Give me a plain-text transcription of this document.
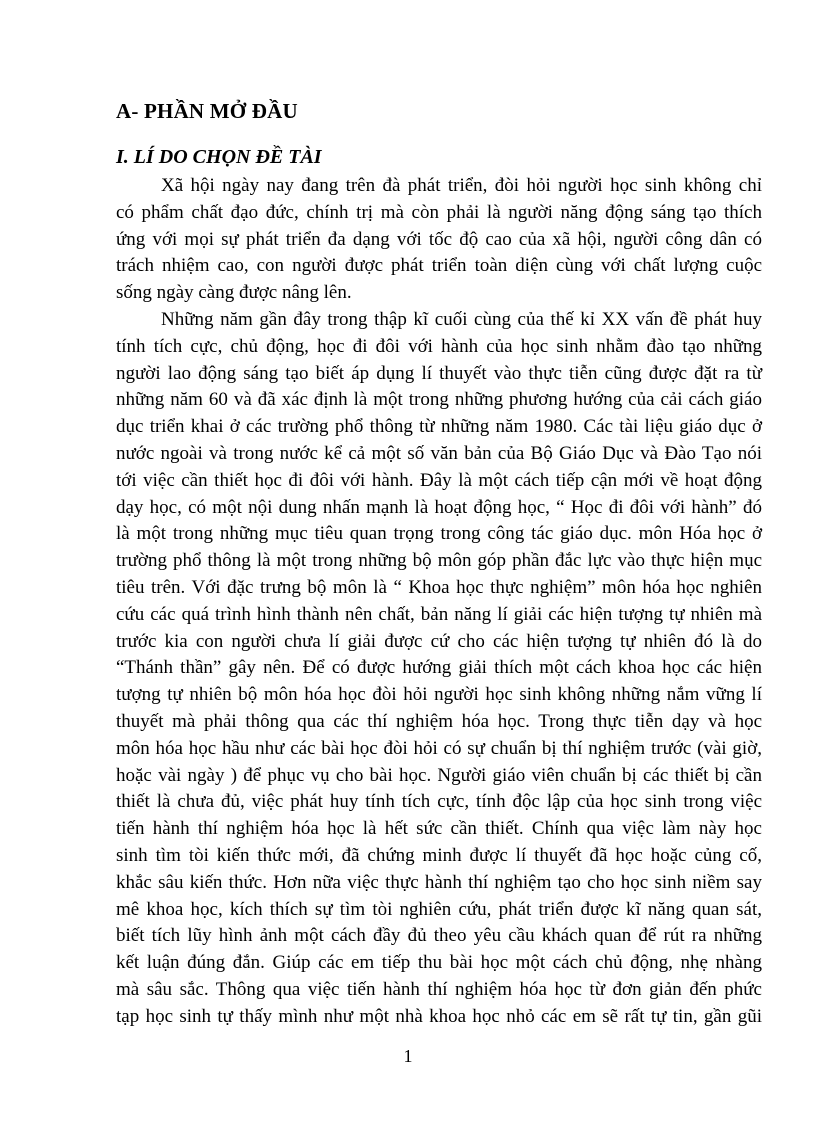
A- PHẦN MỞ ĐẦU
I. LÍ DO CHỌN ĐỀ TÀI
Xã hội ngày nay đang trên đà phát triển, đòi hỏi người học sinh không chỉ
có phẩm chất đạo đức, chính trị mà còn phải là người năng động sáng tạo thích
ứng với mọi sự phát triển đa dạng với tốc độ cao của xã hội, người công dân có
trách nhiệm cao, con người được phát triển toàn diện cùng với chất lượng cuộc
sống ngày càng được nâng lên.
Những năm gần đây trong thập kĩ cuối cùng của thế kỉ XX vấn đề phát huy
tính tích cực, chủ động, học đi đôi với hành của học sinh nhằm đào tạo những
người lao động sáng tạo biết áp dụng lí thuyết vào thực tiễn cũng được đặt ra từ
những năm 60 và đã xác định là một trong những phương hướng của cải cách giáo
dục triển khai ở các trường phổ thông từ những năm 1980. Các tài liệu giáo dục ở
nước ngoài và trong nước kể cả một số văn bản của Bộ Giáo Dục và Đào Tạo nói
tới việc cần thiết học đi đôi với hành. Đây là một cách tiếp cận mới về hoạt động
dạy học, có một nội dung nhấn mạnh là hoạt động học, “ Học đi đôi với hành” đó
là một trong những mục tiêu quan trọng trong công tác giáo dục. môn Hóa học ở
trường phổ thông là một trong những bộ môn góp phần đắc lực vào thực hiện mục
tiêu trên. Với đặc trưng bộ môn là “ Khoa học thực nghiệm” môn hóa học nghiên
cứu các quá trình hình thành nên chất, bản năng lí giải các hiện tượng tự nhiên mà
trước kia con người chưa lí giải được cứ cho các hiện tượng tự nhiên đó là do
“Thánh thần” gây nên. Để có được hướng giải thích một cách khoa học các hiện
tượng tự nhiên bộ môn hóa học đòi hỏi người học sinh không những nắm vững lí
thuyết mà phải thông qua các thí nghiệm hóa học. Trong thực tiễn dạy và học
môn hóa học hầu như các bài học đòi hỏi có sự chuẩn bị thí nghiệm trước (vài giờ,
hoặc vài ngày ) để phục vụ cho bài học. Người giáo viên chuẩn bị các thiết bị cần
thiết là chưa đủ, việc phát huy tính tích cực, tính độc lập của học sinh trong việc
tiến hành thí nghiệm hóa học là hết sức cần thiết. Chính qua việc làm này học
sinh tìm tòi kiến thức mới, đã chứng minh được lí thuyết đã học hoặc củng cố,
khắc sâu kiến thức. Hơn nữa việc thực hành thí nghiệm tạo cho học sinh niềm say
mê khoa học, kích thích sự tìm tòi nghiên cứu, phát triển được kĩ năng quan sát,
biết tích lũy hình ảnh một cách đầy đủ theo yêu cầu khách quan để rút ra những
kết luận đúng đắn. Giúp các em tiếp thu bài học một cách chủ động, nhẹ nhàng
mà sâu sắc. Thông qua việc tiến hành thí nghiệm hóa học từ đơn giản đến phức
tạp học sinh tự thấy mình như một nhà khoa học nhỏ các em sẽ rất tự tin, gần gũi
1
